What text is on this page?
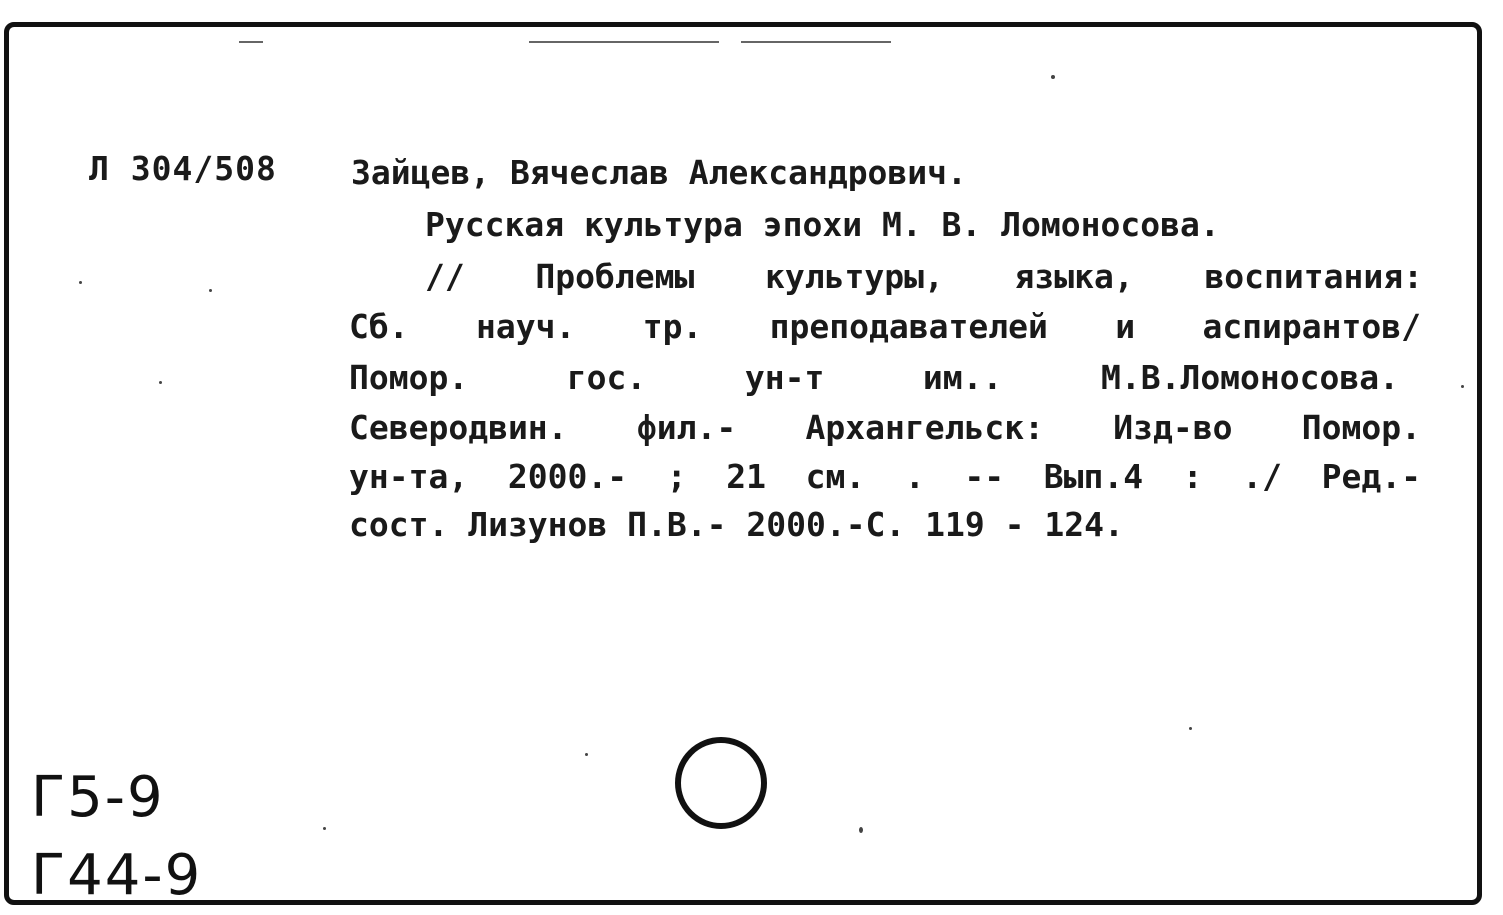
Л 304/508 Зайцев, Вячеслав Александрович.
Русская культура эпохи М. В. Ломоносова.
// Проблемы культуры, языка, воспитания:
Сб. науч. тр. преподавателей и аспирантов/
Помор. гос. ун-т им.. М.В.Ломоносова.
Северодвин. фил.- Архангельск: Изд-во Помор.
ун-та, 2000.- ; 21 см. . -- Вып.4 : ./ Ред.-
сост. Лизунов П.В.- 2000.-С. 119 - 124.
Г5-9
Г44-9
